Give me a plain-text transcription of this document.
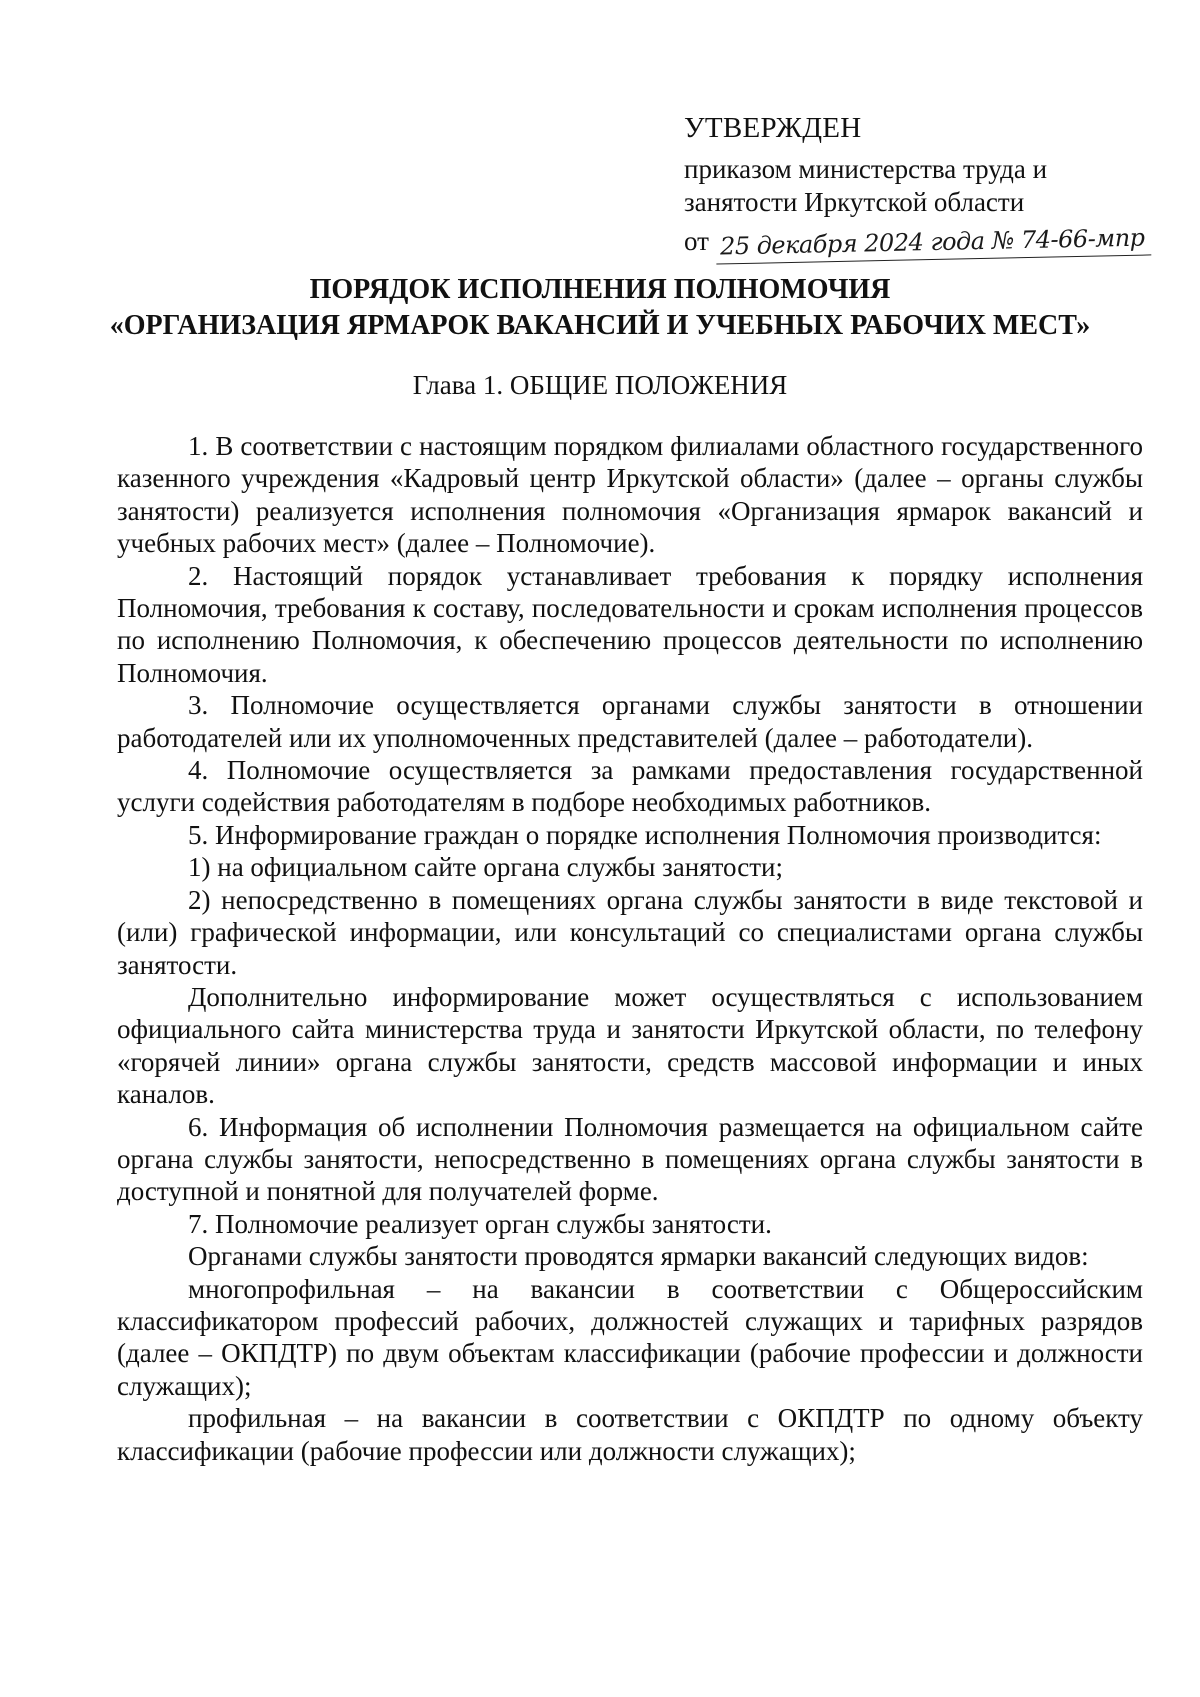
УТВЕРЖДЕН
приказом министерства труда и
занятости Иркутской области
от 25 декабря 2024 года № 74-66-мпр
ПОРЯДОК ИСПОЛНЕНИЯ ПОЛНОМОЧИЯ
«ОРГАНИЗАЦИЯ ЯРМАРОК ВАКАНСИЙ И УЧЕБНЫХ РАБОЧИХ МЕСТ»
Глава 1. ОБЩИЕ ПОЛОЖЕНИЯ

1. В соответствии с настоящим порядком филиалами областного государственного казенного учреждения «Кадровый центр Иркутской области» (далее – органы службы занятости) реализуется исполнения полномочия «Организация ярмарок вакансий и учебных рабочих мест» (далее – Полномочие).

2. Настоящий порядок устанавливает требования к порядку исполнения Полномочия, требования к составу, последовательности и срокам исполнения процессов по исполнению Полномочия, к обеспечению процессов деятельности по исполнению Полномочия.

3. Полномочие осуществляется органами службы занятости в отношении работодателей или их уполномоченных представителей (далее – работодатели).

4. Полномочие осуществляется за рамками предоставления государственной услуги содействия работодателям в подборе необходимых работников.

5. Информирование граждан о порядке исполнения Полномочия производится:

1) на официальном сайте органа службы занятости;

2) непосредственно в помещениях органа службы занятости в виде текстовой и (или) графической информации, или консультаций со специалистами органа службы занятости.

Дополнительно информирование может осуществляться с использованием официального сайта министерства труда и занятости Иркутской области, по телефону «горячей линии» органа службы занятости, средств массовой информации и иных каналов.

6. Информация об исполнении Полномочия размещается на официальном сайте органа службы занятости, непосредственно в помещениях органа службы занятости в доступной и понятной для получателей форме.

7. Полномочие реализует орган службы занятости.

Органами службы занятости проводятся ярмарки вакансий следующих видов:

многопрофильная – на вакансии в соответствии с Общероссийским классификатором профессий рабочих, должностей служащих и тарифных разрядов (далее – ОКПДТР) по двум объектам классификации (рабочие профессии и должности служащих);

профильная – на вакансии в соответствии с ОКПДТР по одному объекту классификации (рабочие профессии или должности служащих);
